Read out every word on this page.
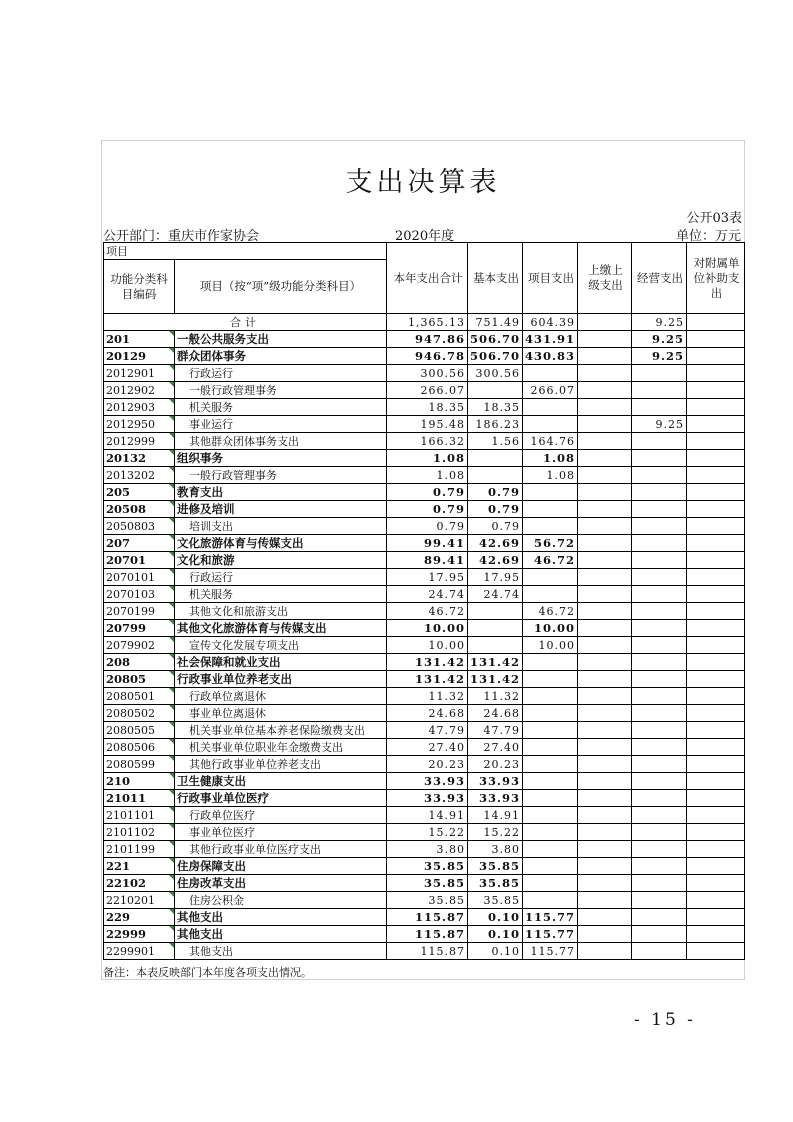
支出决算表
公开03表
公开部门：重庆市作家协会	2020年度	单位：万元
项目		本年支出合计	基本支出	项目支出	上缴上级支出	经营支出	对附属单位补助支出

功能分类科目编码	项目（按“项”级功能分类科目）						
合计		1,365.13	751.49	604.39		9.25	
201	一般公共服务支出	947.86	506.70	431.91		9.25	
20129	群众团体事务	946.78	506.70	430.83		9.25	
2012901	行政运行	300.56	300.56				
2012902	一般行政管理事务	266.07		266.07			
2012903	机关服务	18.35	18.35				
2012950	事业运行	195.48	186.23			9.25	
2012999	其他群众团体事务支出	166.32	1.56	164.76			
20132	组织事务	1.08		1.08			
2013202	一般行政管理事务	1.08		1.08			
205	教育支出	0.79	0.79				
20508	进修及培训	0.79	0.79				
2050803	培训支出	0.79	0.79				
207	文化旅游体育与传媒支出	99.41	42.69	56.72			
20701	文化和旅游	89.41	42.69	46.72			
2070101	行政运行	17.95	17.95				
2070103	机关服务	24.74	24.74				
2070199	其他文化和旅游支出	46.72		46.72			
20799	其他文化旅游体育与传媒支出	10.00		10.00			
2079902	宣传文化发展专项支出	10.00		10.00			
208	社会保障和就业支出	131.42	131.42				
20805	行政事业单位养老支出	131.42	131.42				
2080501	行政单位离退休	11.32	11.32				
2080502	事业单位离退休	24.68	24.68				
2080505	机关事业单位基本养老保险缴费支出	47.79	47.79				
2080506	机关事业单位职业年金缴费支出	27.40	27.40				
2080599	其他行政事业单位养老支出	20.23	20.23				
210	卫生健康支出	33.93	33.93				
21011	行政事业单位医疗	33.93	33.93				
2101101	行政单位医疗	14.91	14.91				
2101102	事业单位医疗	15.22	15.22				
2101199	其他行政事业单位医疗支出	3.80	3.80				
221	住房保障支出	35.85	35.85				
22102	住房改革支出	35.85	35.85				
2210201	住房公积金	35.85	35.85				
229	其他支出	115.87	0.10	115.77			
22999	其他支出	115.87	0.10	115.77			
2299901	其他支出	115.87	0.10	115.77			
备注：本表反映部门本年度各项支出情况。
- 15 -
